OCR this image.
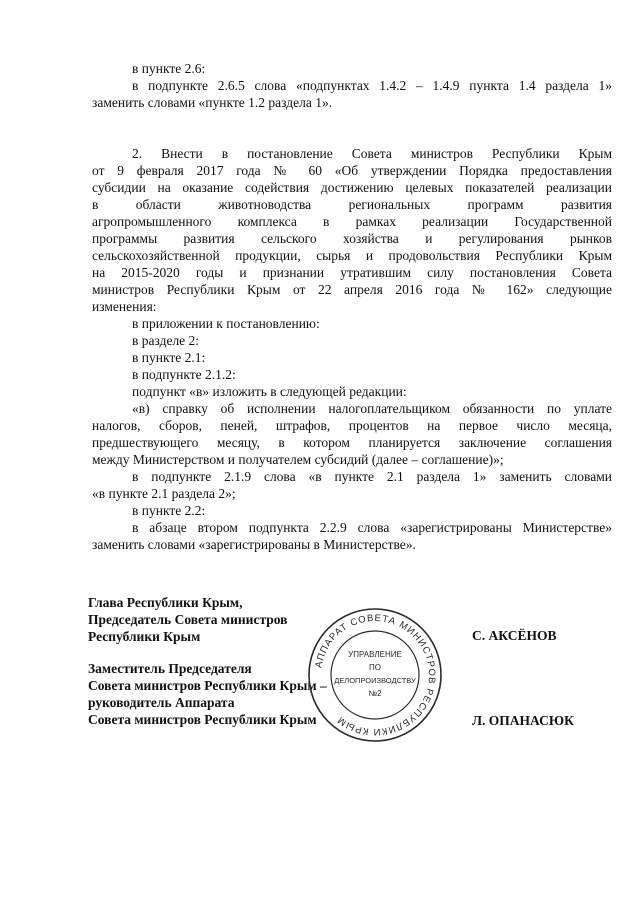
в пункте 2.6:
в подпункте 2.6.5 слова «подпунктах 1.4.2 – 1.4.9 пункта 1.4 раздела 1»
заменить словами «пункте 1.2 раздела 1».
2. Внести в постановление Совета министров Республики Крым
от 9 февраля 2017 года № 60 «Об утверждении Порядка предоставления
субсидии на оказание содействия достижению целевых показателей реализации
в области животноводства региональных программ развития
агропромышленного комплекса в рамках реализации Государственной
программы развития сельского хозяйства и регулирования рынков
сельскохозяйственной продукции, сырья и продовольствия Республики Крым
на 2015-2020 годы и признании утратившим силу постановления Совета
министров Республики Крым от 22 апреля 2016 года № 162» следующие
изменения:
в приложении к постановлению:
в разделе 2:
в пункте 2.1:
в подпункте 2.1.2:
подпункт «в» изложить в следующей редакции:
«в) справку об исполнении налогоплательщиком обязанности по уплате
налогов, сборов, пеней, штрафов, процентов на первое число месяца,
предшествующего месяцу, в котором планируется заключение соглашения
между Министерством и получателем субсидий (далее – соглашение)»;
в подпункте 2.1.9 слова «в пункте 2.1 раздела 1» заменить словами
«в пункте 2.1 раздела 2»;
в пункте 2.2:
в абзаце втором подпункта 2.2.9 слова «зарегистрированы Министерстве»
заменить словами «зарегистрированы в Министерстве».
Глава Республики Крым,
Председатель Совета министров
Республики Крым	С. АКСЁНОВ
Заместитель Председателя
Совета министров Республики Крым –
руководитель Аппарата
Совета министров Республики Крым	Л. ОПАНАСЮК
АППАРАТ СОВЕТА МИНИСТРОВ РЕСПУБЛИКИ КРЫМ
УПРАВЛЕНИЕ
ПО
ДЕЛОПРОИЗВОДСТВУ
№2
